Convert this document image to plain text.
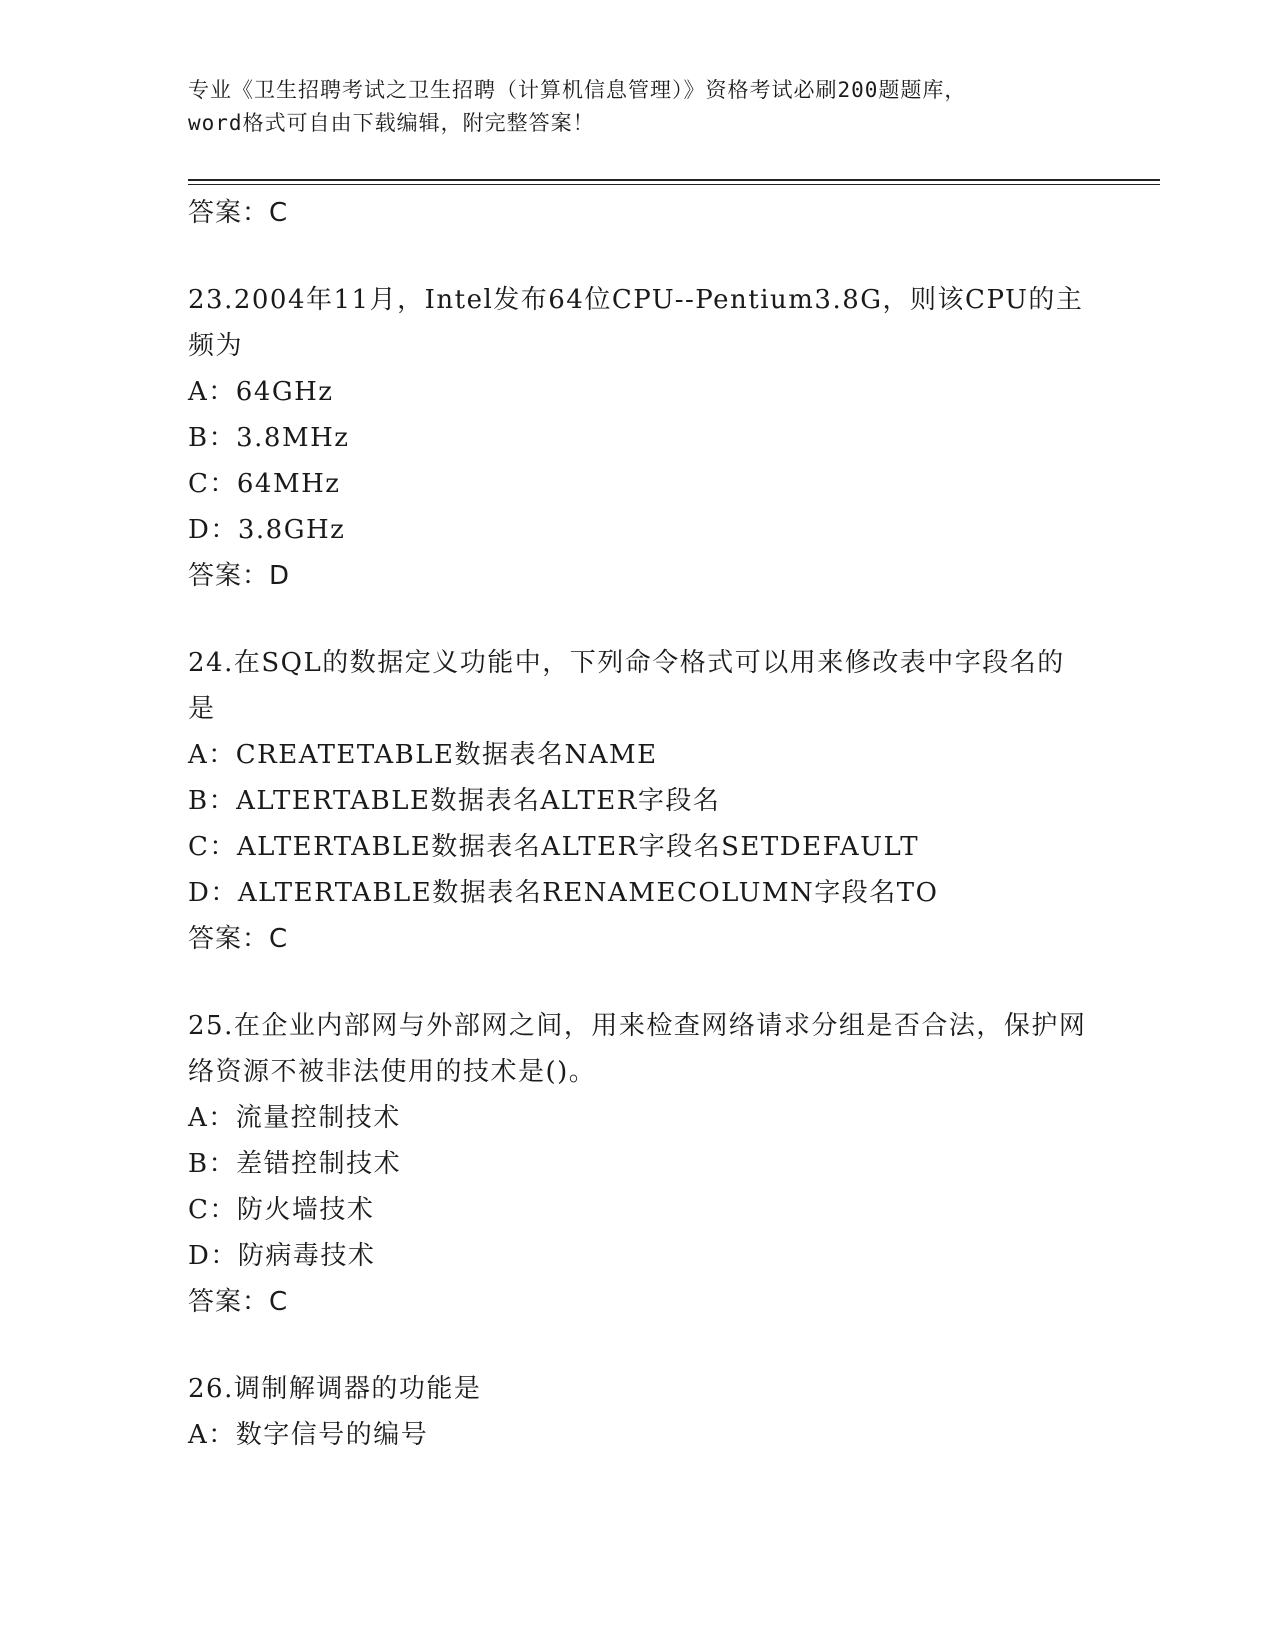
专业《卫生招聘考试之卫生招聘（计算机信息管理）》资格考试必刷200题题库，
word格式可自由下载编辑，附完整答案！

答案：C

23.2004年11月，Intel发布64位CPU--Pentium3.8G，则该CPU的主频为

A：64GHz

B：3.8MHz

C：64MHz

D：3.8GHz

答案：D

24.在SQL的数据定义功能中，下列命令格式可以用来修改表中字段名的是

A：CREATETABLE数据表名NAME

B：ALTERTABLE数据表名ALTER字段名

C：ALTERTABLE数据表名ALTER字段名SETDEFAULT

D：ALTERTABLE数据表名RENAMECOLUMN字段名TO

答案：C

25.在企业内部网与外部网之间，用来检查网络请求分组是否合法，保护网络资源不被非法使用的技术是()。

A：流量控制技术

B：差错控制技术

C：防火墙技术

D：防病毒技术

答案：C

26.调制解调器的功能是

A：数字信号的编号
